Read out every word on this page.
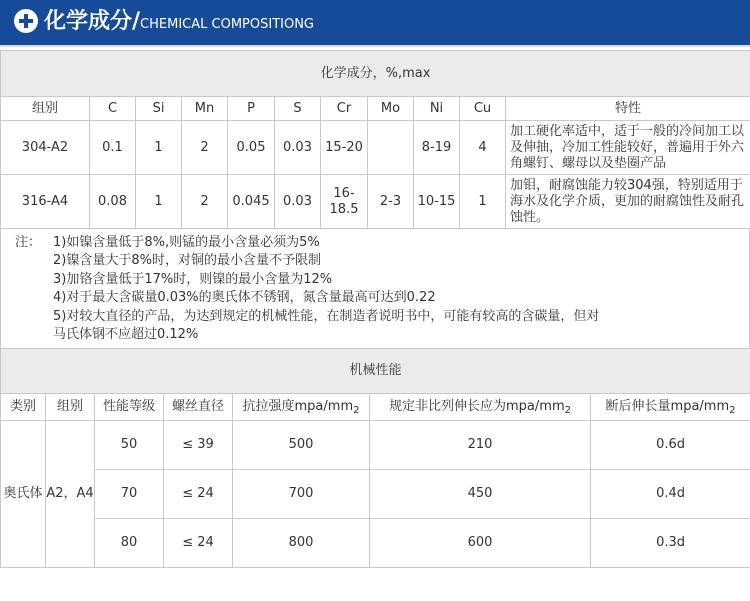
化学成分/CHEMICAL COMPOSITIONG
化学成分，%,max										
组别	C	Si	Mn	P	S	Cr	Mo	Ni	Cu	特性
304-A2	0.1	1	2	0.05	0.03	15-20		8-19	4	加工硬化率适中，适于一般的冷间加工以及伸抽，冷加工性能较好，普遍用于外六角螺钉、螺母以及垫圈产品
316-A4	0.08	1	2	0.045	0.03	16-18.5	2-3	10-15	1	加钼，耐腐蚀能力较304强，特别适用于海水及化学介质，更加的耐腐蚀性及耐孔蚀性。
注： 1)如镍含量低于8%,则锰的最小含量必须为5%
2)镍含量大于8%时，对铜的最小含量不予限制
3)加铬含量低于17%时，则镍的最小含量为12%
4)对于最大含碳量0.03%的奥氏体不锈钢，氮含量最高可达到0.22
5)对较大直径的产品，为达到规定的机械性能，在制造者说明书中，可能有较高的含碳量，但对
马氏体钢不应超过0.12%
机械性能						
类别	组别	性能等级	螺丝直径	抗拉强度mpa/$mm_2$	规定非比列伸长应为mpa/$mm_2$	断后伸长量mpa/$mm_2$
奥氏体	A2，A4	50	≤ 39	500	210	0.6d
		70	≤ 24	700	450	0.4d
		80	≤ 24	800	600	0.3d
